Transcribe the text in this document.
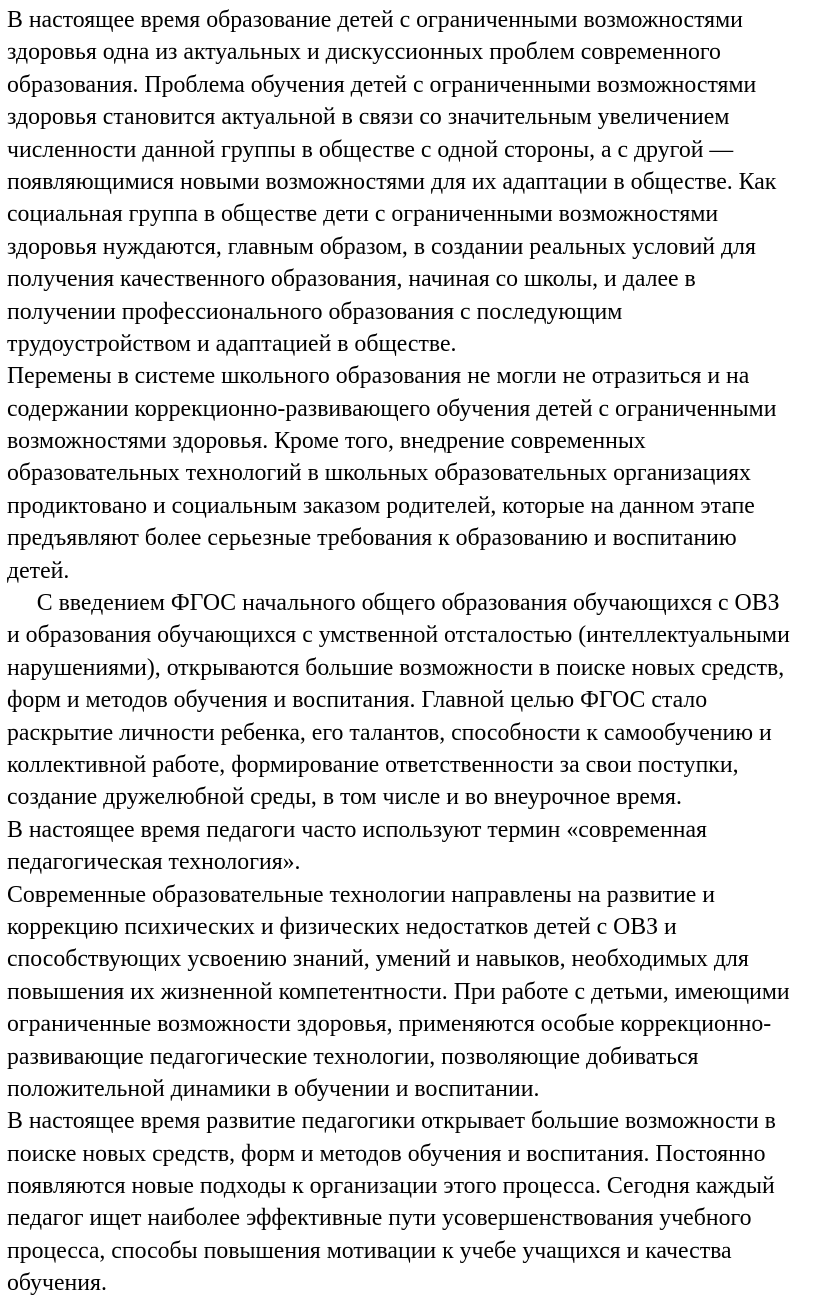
В настоящее время образование детей с ограниченными возможностями
здоровья одна из актуальных и дискуссионных проблем современного
образования. Проблема обучения детей с ограниченными возможностями
здоровья становится актуальной в связи со значительным увеличением
численности данной группы в обществе с одной стороны, а с другой —
появляющимися новыми возможностями для их адаптации в обществе. Как
социальная группа в обществе дети с ограниченными возможностями
здоровья нуждаются, главным образом, в создании реальных условий для
получения качественного образования, начиная со школы, и далее в
получении профессионального образования с последующим
трудоустройством и адаптацией в обществе.
Перемены в системе школьного образования не могли не отразиться и на
содержании коррекционно-развивающего обучения детей с ограниченными
возможностями здоровья. Кроме того, внедрение современных
образовательных технологий в школьных образовательных организациях
продиктовано и социальным заказом родителей, которые на данном этапе
предъявляют более серьезные требования к образованию и воспитанию
детей.
С введением ФГОС начального общего образования обучающихся с ОВЗ
и образования обучающихся с умственной отсталостью (интеллектуальными
нарушениями), открываются большие возможности в поиске новых средств,
форм и методов обучения и воспитания. Главной целью ФГОС стало
раскрытие личности ребенка, его талантов, способности к самообучению и
коллективной работе, формирование ответственности за свои поступки,
создание дружелюбной среды, в том числе и во внеурочное время.
В настоящее время педагоги часто используют термин «современная
педагогическая технология».
Современные образовательные технологии направлены на развитие и
коррекцию психических и физических недостатков детей с ОВЗ и
способствующих усвоению знаний, умений и навыков, необходимых для
повышения их жизненной компетентности. При работе с детьми, имеющими
ограниченные возможности здоровья, применяются особые коррекционно-
развивающие педагогические технологии, позволяющие добиваться
положительной динамики в обучении и воспитании.
В настоящее время развитие педагогики открывает большие возможности в
поиске новых средств, форм и методов обучения и воспитания. Постоянно
появляются новые подходы к организации этого процесса. Сегодня каждый
педагог ищет наиболее эффективные пути усовершенствования учебного
процесса, способы повышения мотивации к учебе учащихся и качества
обучения.
